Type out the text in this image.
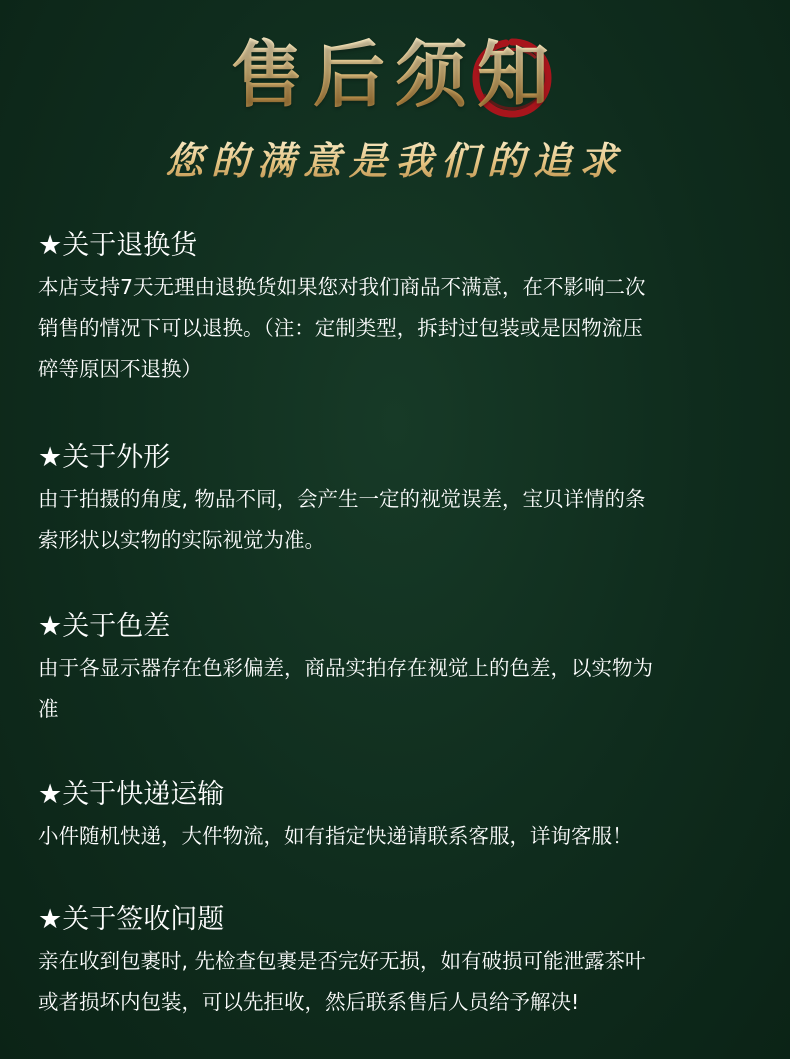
售后须知
您的满意是我们的追求
★关于退换货
本店支持7天无理由退换货如果您对我们商品不满意，在不影响二次
销售的情况下可以退换。（注：定制类型，拆封过包装或是因物流压
碎等原因不退换）
★关于外形
由于拍摄的角度, 物品不同，会产生一定的视觉误差，宝贝详情的条
索形状以实物的实际视觉为准。
★关于色差
由于各显示器存在色彩偏差，商品实拍存在视觉上的色差，以实物为
准
★关于快递运输
小件随机快递，大件物流，如有指定快递请联系客服，详询客服！
★关于签收问题
亲在收到包裹时, 先检查包裹是否完好无损，如有破损可能泄露茶叶
或者损坏内包装，可以先拒收，然后联系售后人员给予解决!
